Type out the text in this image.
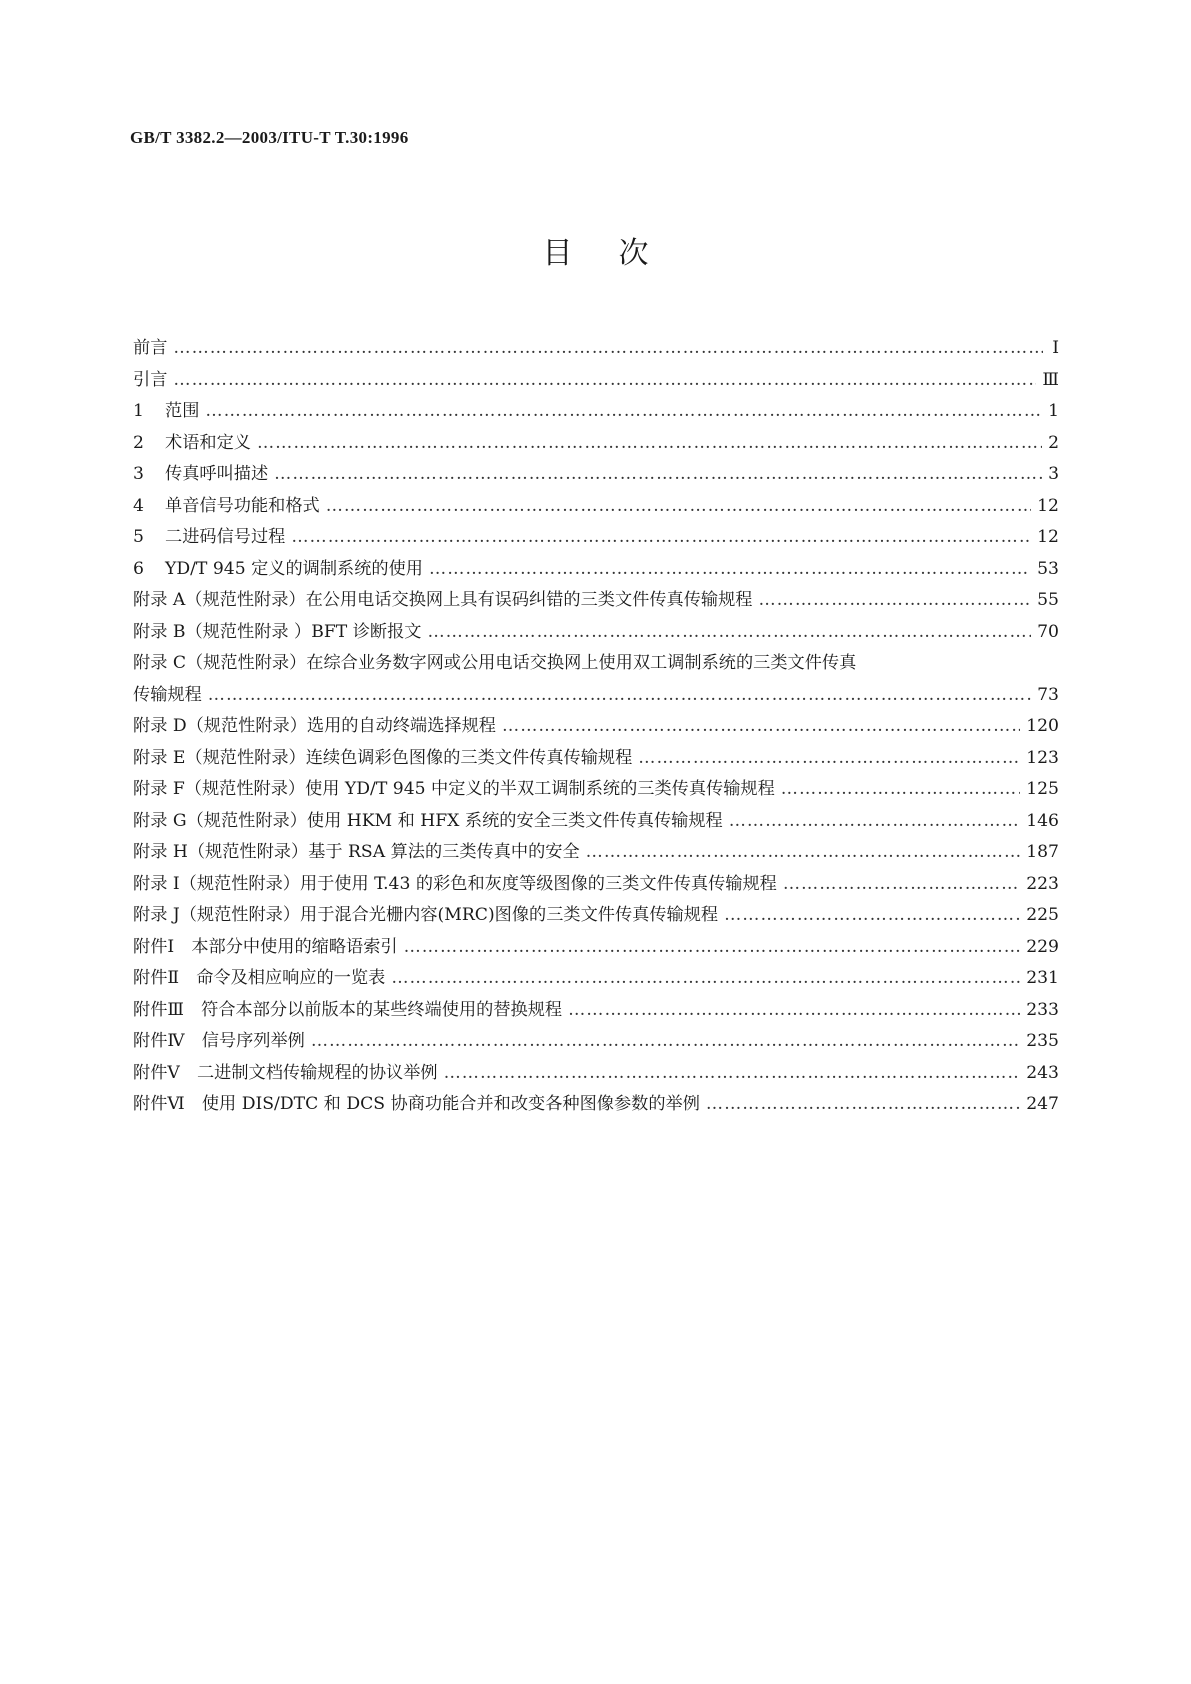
GB/T 3382.2—2003/ITU-T T.30:1996
目次
前言 ……………………………………………………………………………………………………………………………………………………………………………………………………………………………………	Ⅰ
引言 ……………………………………………………………………………………………………………………………………………………………………………………………………………………………………	Ⅲ
1	范围 ……………………………………………………………………………………………………………………………………………………………………………………………………………………………………	1
2	术语和定义 ……………………………………………………………………………………………………………………………………………………………………………………………………………………………………	2
3	传真呼叫描述 ……………………………………………………………………………………………………………………………………………………………………………………………………………………………………	3
4	单音信号功能和格式 ……………………………………………………………………………………………………………………………………………………………………………………………………………………………………	12
5	二进码信号过程 ……………………………………………………………………………………………………………………………………………………………………………………………………………………………………	12
6	YD/T 945 定义的调制系统的使用 ……………………………………………………………………………………………………………………………………………………………………………………………………………………………………	53
附录 A（规范性附录）在公用电话交换网上具有误码纠错的三类文件传真传输规程 ……………………………………………………………………………………………………………………………………………………………………………………………………………………………………	55
附录 B（规范性附录 ）BFT 诊断报文 ……………………………………………………………………………………………………………………………………………………………………………………………………………………………………	70
附录 C（规范性附录）在综合业务数字网或公用电话交换网上使用双工调制系统的三类文件传真
传输规程 ……………………………………………………………………………………………………………………………………………………………………………………………………………………………………	73
附录 D（规范性附录）选用的自动终端选择规程 ……………………………………………………………………………………………………………………………………………………………………………………………………………………………………	120
附录 E（规范性附录）连续色调彩色图像的三类文件传真传输规程 ……………………………………………………………………………………………………………………………………………………………………………………………………………………………………	123
附录 F（规范性附录）使用 YD/T 945 中定义的半双工调制系统的三类传真传输规程 ……………………………………………………………………………………………………………………………………………………………………………………………………………………………………	125
附录 G（规范性附录）使用 HKM 和 HFX 系统的安全三类文件传真传输规程 ……………………………………………………………………………………………………………………………………………………………………………………………………………………………………	146
附录 H（规范性附录）基于 RSA 算法的三类传真中的安全 ……………………………………………………………………………………………………………………………………………………………………………………………………………………………………	187
附录 I（规范性附录）用于使用 T.43 的彩色和灰度等级图像的三类文件传真传输规程 ……………………………………………………………………………………………………………………………………………………………………………………………………………………………………	223
附录 J（规范性附录）用于混合光栅内容(MRC)图像的三类文件传真传输规程 ……………………………………………………………………………………………………………………………………………………………………………………………………………………………………	225
附件Ⅰ　本部分中使用的缩略语索引 ……………………………………………………………………………………………………………………………………………………………………………………………………………………………………	229
附件Ⅱ　命令及相应响应的一览表 ……………………………………………………………………………………………………………………………………………………………………………………………………………………………………	231
附件Ⅲ　符合本部分以前版本的某些终端使用的替换规程 ……………………………………………………………………………………………………………………………………………………………………………………………………………………………………	233
附件Ⅳ　信号序列举例 ……………………………………………………………………………………………………………………………………………………………………………………………………………………………………	235
附件Ⅴ　二进制文档传输规程的协议举例 ……………………………………………………………………………………………………………………………………………………………………………………………………………………………………	243
附件Ⅵ　使用 DIS/DTC 和 DCS 协商功能合并和改变各种图像参数的举例 ……………………………………………………………………………………………………………………………………………………………………………………………………………………………………	247
